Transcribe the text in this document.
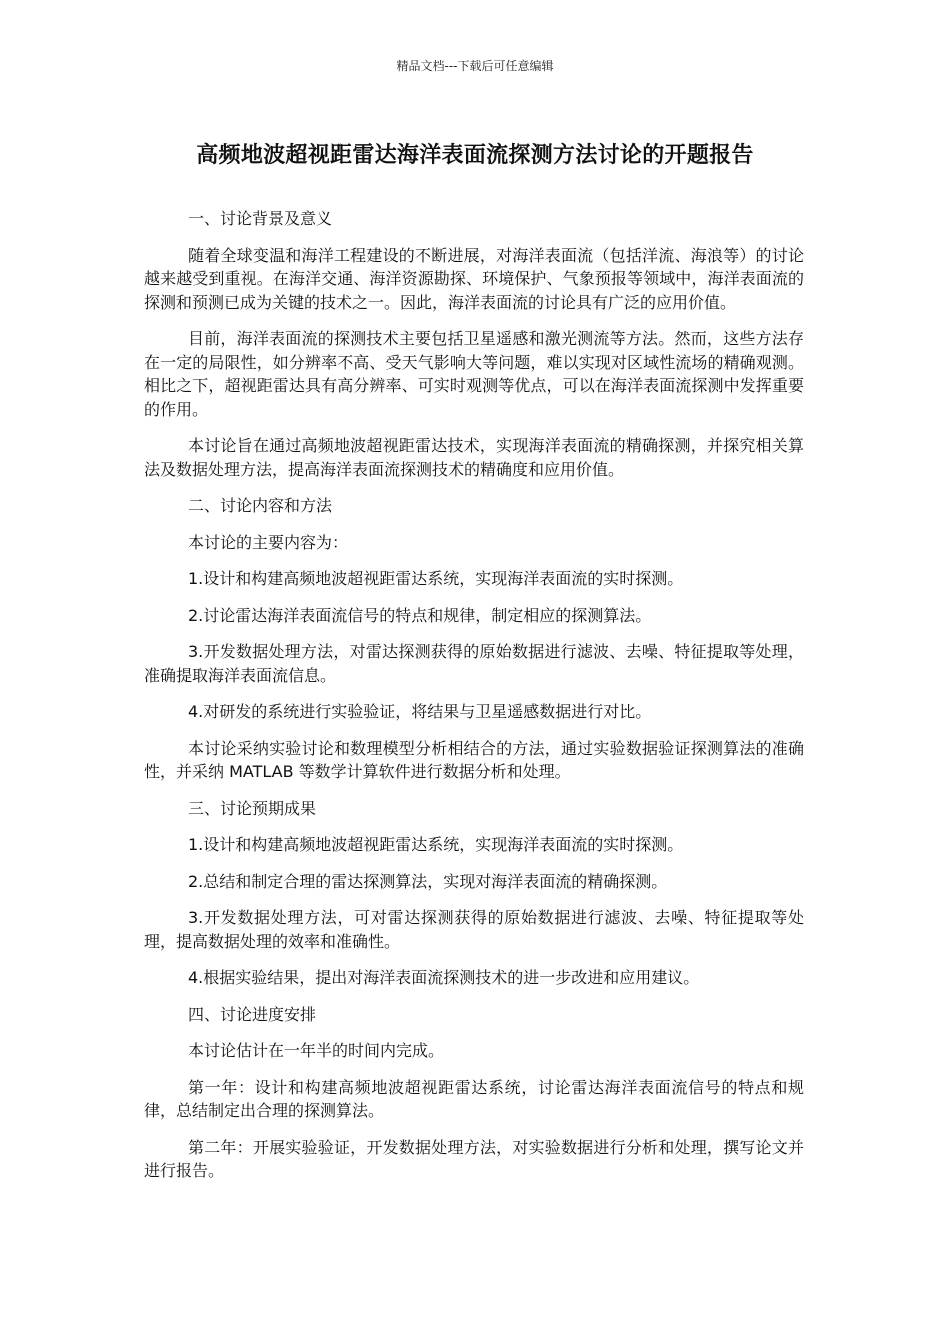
精品文档---下载后可任意编辑
高频地波超视距雷达海洋表面流探测方法讨论的开题报告

一、讨论背景及意义

随着全球变温和海洋工程建设的不断进展，对海洋表面流（包括洋流、海浪等）的讨论越来越受到重视。在海洋交通、海洋资源勘探、环境保护、气象预报等领域中，海洋表面流的探测和预测已成为关键的技术之一。因此，海洋表面流的讨论具有广泛的应用价值。

目前，海洋表面流的探测技术主要包括卫星遥感和激光测流等方法。然而，这些方法存在一定的局限性，如分辨率不高、受天气影响大等问题，难以实现对区域性流场的精确观测。相比之下，超视距雷达具有高分辨率、可实时观测等优点，可以在海洋表面流探测中发挥重要的作用。

本讨论旨在通过高频地波超视距雷达技术，实现海洋表面流的精确探测，并探究相关算法及数据处理方法，提高海洋表面流探测技术的精确度和应用价值。

二、讨论内容和方法

本讨论的主要内容为：

1.设计和构建高频地波超视距雷达系统，实现海洋表面流的实时探测。

2.讨论雷达海洋表面流信号的特点和规律，制定相应的探测算法。

3.开发数据处理方法，对雷达探测获得的原始数据进行滤波、去噪、特征提取等处理，准确提取海洋表面流信息。

4.对研发的系统进行实验验证，将结果与卫星遥感数据进行对比。

本讨论采纳实验讨论和数理模型分析相结合的方法，通过实验数据验证探测算法的准确性，并采纳 MATLAB 等数学计算软件进行数据分析和处理。

三、讨论预期成果

1.设计和构建高频地波超视距雷达系统，实现海洋表面流的实时探测。

2.总结和制定合理的雷达探测算法，实现对海洋表面流的精确探测。

3.开发数据处理方法，可对雷达探测获得的原始数据进行滤波、去噪、特征提取等处理，提高数据处理的效率和准确性。

4.根据实验结果，提出对海洋表面流探测技术的进一步改进和应用建议。

四、讨论进度安排

本讨论估计在一年半的时间内完成。

第一年：设计和构建高频地波超视距雷达系统，讨论雷达海洋表面流信号的特点和规律，总结制定出合理的探测算法。

第二年：开展实验验证，开发数据处理方法，对实验数据进行分析和处理，撰写论文并进行报告。
